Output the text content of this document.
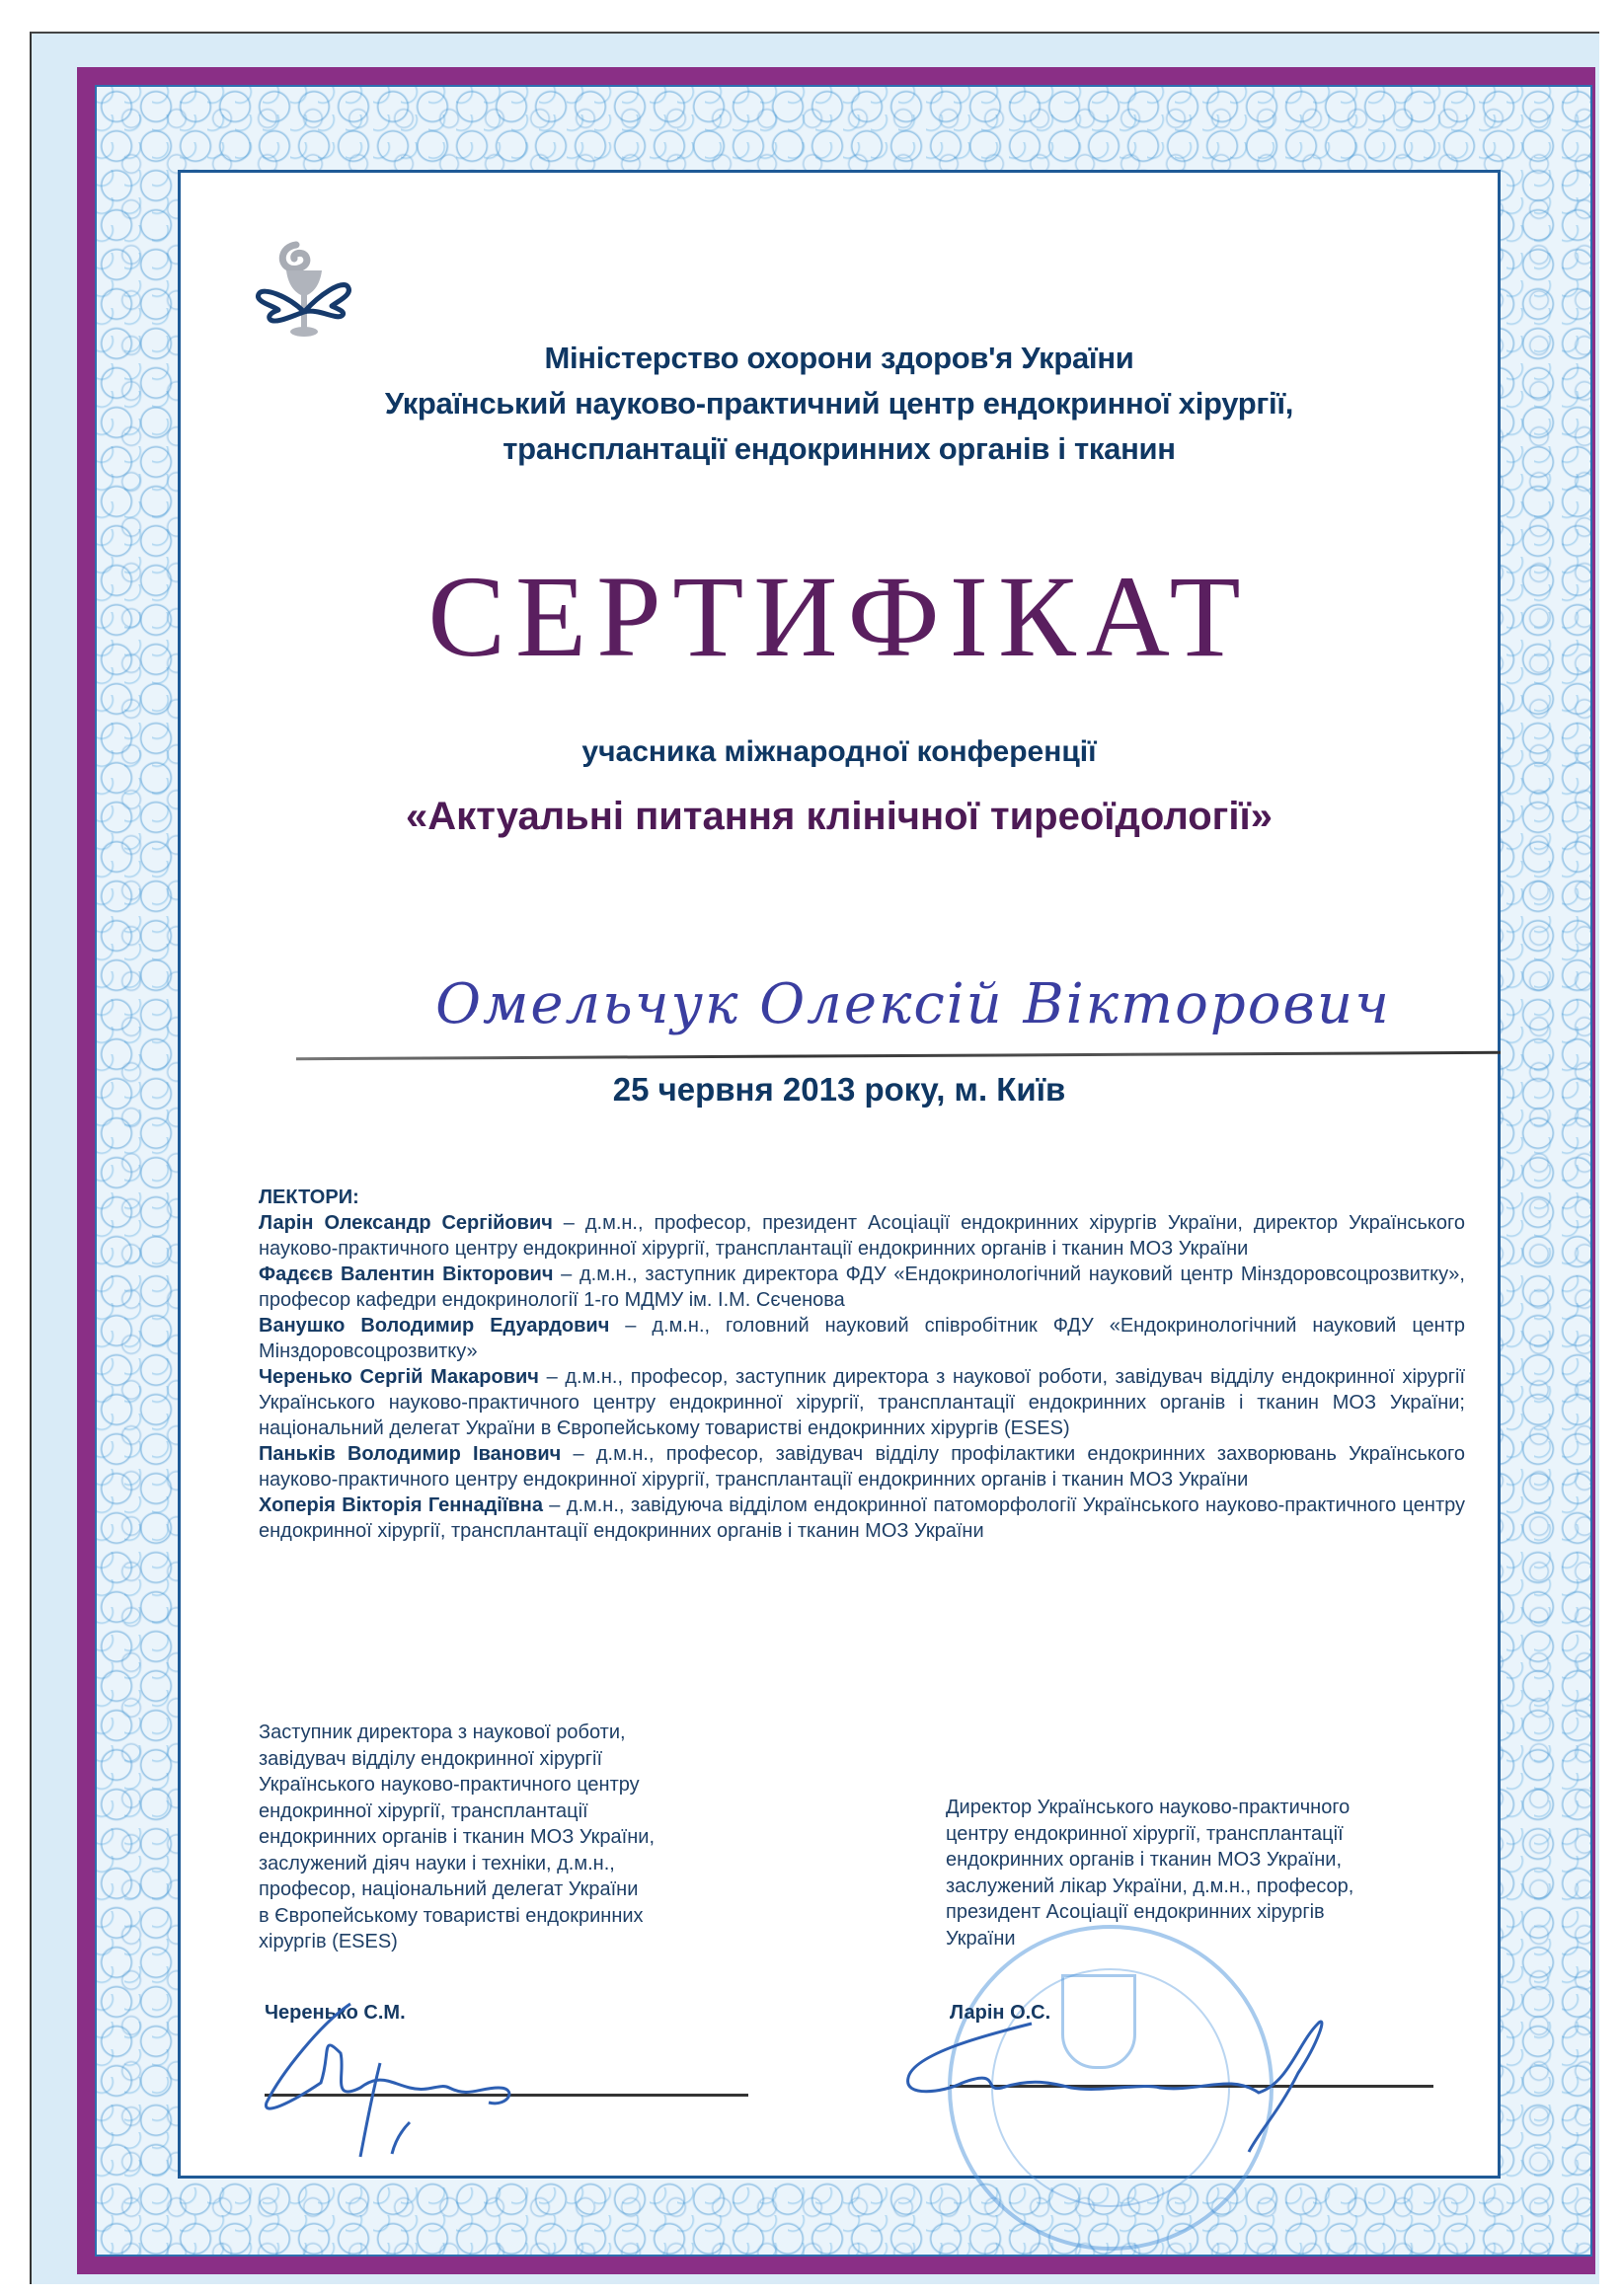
Міністерство охорони здоров'я України
Український науково-практичний центр ендокринної хірургії,
трансплантації ендокринних органів і тканин
СЕРТИФІКАТ
учасника міжнародної конференції
«Актуальні питання клінічної тиреоїдології»
Омельчук Олексій Вікторович
25 червня 2013 року, м. Київ
ЛЕКТОРИ:

Ларін Олександр Сергійович – д.м.н., професор, президент Асоціації ендокринних хірургів України, директор Українського науково-практичного центру ендокринної хірургії, трансплантації ендокринних органів і тканин МОЗ України

Фадєєв Валентин Вікторович – д.м.н., заступник директора ФДУ «Ендокринологічний науковий центр Мінздоровсоцрозвитку», професор кафедри ендокринології 1-го МДМУ ім. І.М. Сєченова

Ванушко Володимир Едуардович – д.м.н., головний науковий співробітник ФДУ «Ендокринологічний науковий центр Мінздоровсоцрозвитку»

Черенько Сергій Макарович – д.м.н., професор, заступник директора з наукової роботи, завідувач відділу ендокринної хірургії Українського науково-практичного центру ендокринної хірургії, трансплантації ендокринних органів і тканин МОЗ України; національний делегат України в Європейському товаристві ендокринних хірургів (ESES)

Паньків Володимир Іванович – д.м.н., професор, завідувач відділу профілактики ендокринних захворювань Українського науково-практичного центру ендокринної хірургії, трансплантації ендокринних органів і тканин МОЗ України

Хоперія Вікторія Геннадіївна – д.м.н., завідуюча відділом ендокринної патоморфології Українського науково-практичного центру ендокринної хірургії, трансплантації ендокринних органів і тканин МОЗ України

Заступник директора з наукової роботи,
завідувач відділу ендокринної хірургії
Українського науково-практичного центру
ендокринної хірургії, трансплантації
ендокринних органів і тканин МОЗ України,
заслужений діяч науки і техніки, д.м.н.,
професор, національний делегат України
в Європейському товаристві ендокринних
хірургів (ESES)
Директор Українського науково-практичного
центру ендокринної хірургії, трансплантації
ендокринних органів і тканин МОЗ України,
заслужений лікар України, д.м.н., професор,
президент Асоціації ендокринних хірургів
України
Черенько С.М.	Ларін О.С.
